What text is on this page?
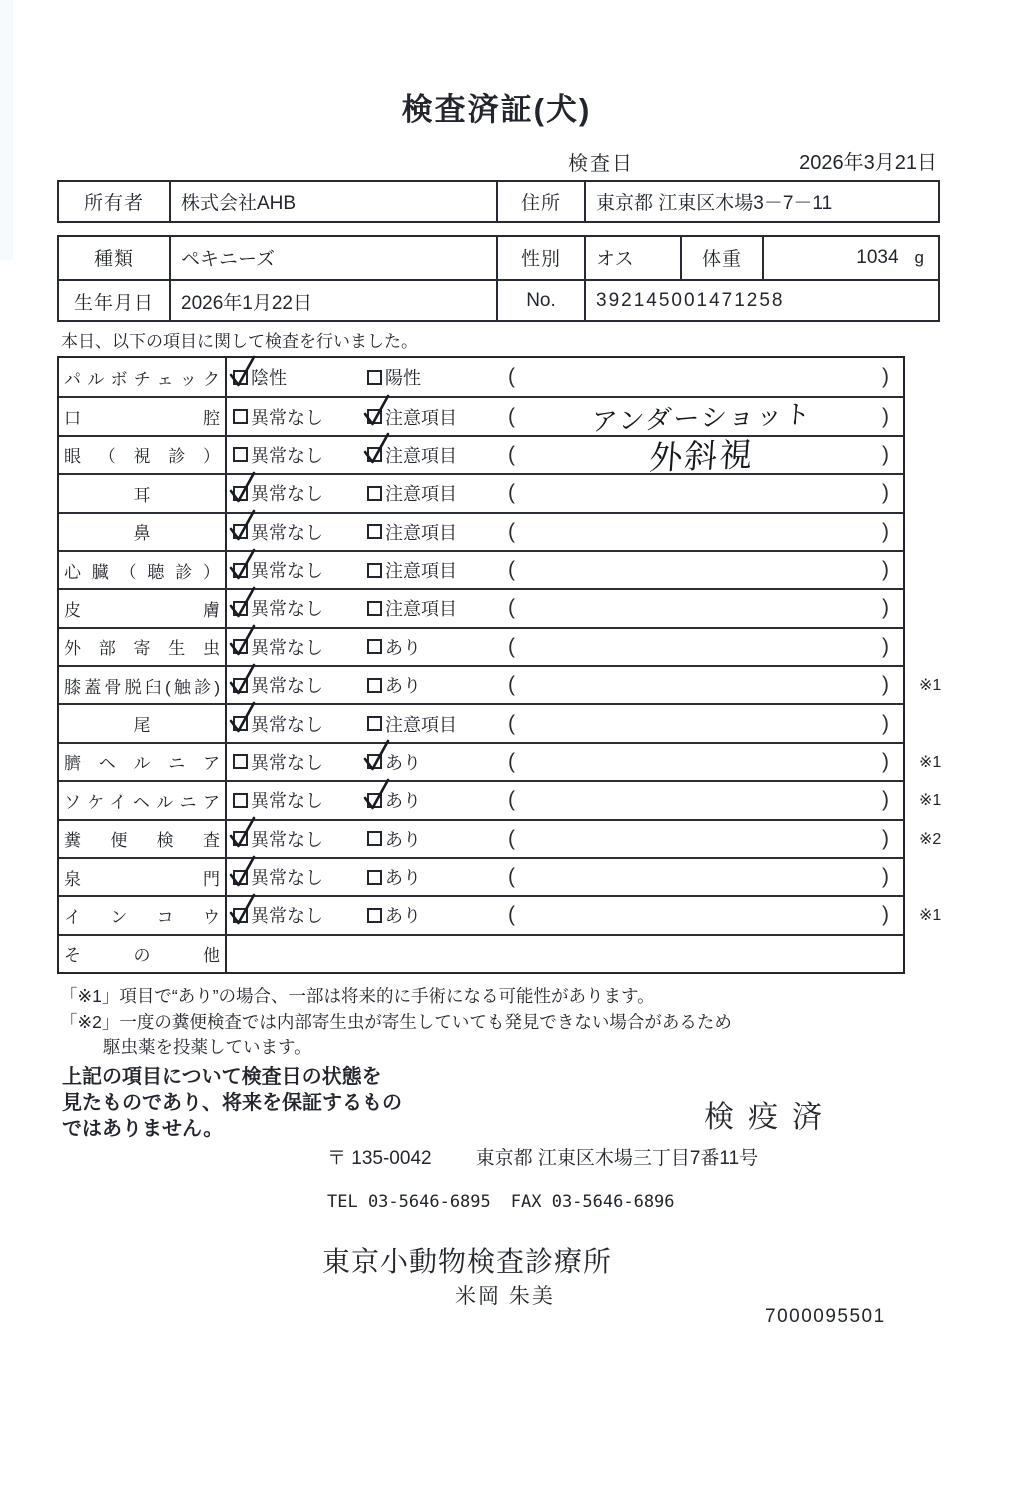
検査済証(犬)
検査日	2026年3月21日
所有者	株式会社AHB	住所	東京都 江東区木場3－7－11
種類	ペキニーズ	性別	オス	体重	1034 g
生年月日	2026年1月22日	No.	392145001471258
本日、以下の項目に関して検査を行いました。
パルボチェック 陰性	陽性	(	)
口腔 異常なし	注意項目 (	アンダーショット	)
眼（視診） 異常なし	注意項目 (	外斜視	)
耳	異常なし	注意項目 (	)
鼻	異常なし	注意項目 (	)
心臓（聴診） 異常なし	注意項目 (	)
皮膚 異常なし	注意項目 (	)
外部寄生虫 異常なし	あり	(	)
膝蓋骨脱臼(触診) 異常なし	あり	(	) ※1
尾	異常なし	注意項目 (	)
臍ヘルニア 異常なし	あり	(	) ※1
ソケイヘルニア 異常なし	あり	(	) ※1
糞便検査 異常なし	あり	(	) ※2
泉門 異常なし	あり	(	)
インコウ 異常なし	あり	(	) ※1
その他
「※1」項目で“あり”の場合、一部は将来的に手術になる可能性があります。
「※2」一度の糞便検査では内部寄生虫が寄生していても発見できない場合があるため
駆虫薬を投薬しています。
上記の項目について検査日の状態を
見たものであり、将来を保証するもの
ではありません。	検疫済
〒 135-0042 東京都 江東区木場三丁目7番11号
TEL 03-5646-6895 FAX 03-5646-6896
東京小動物検査診療所
米岡 朱美
7000095501
